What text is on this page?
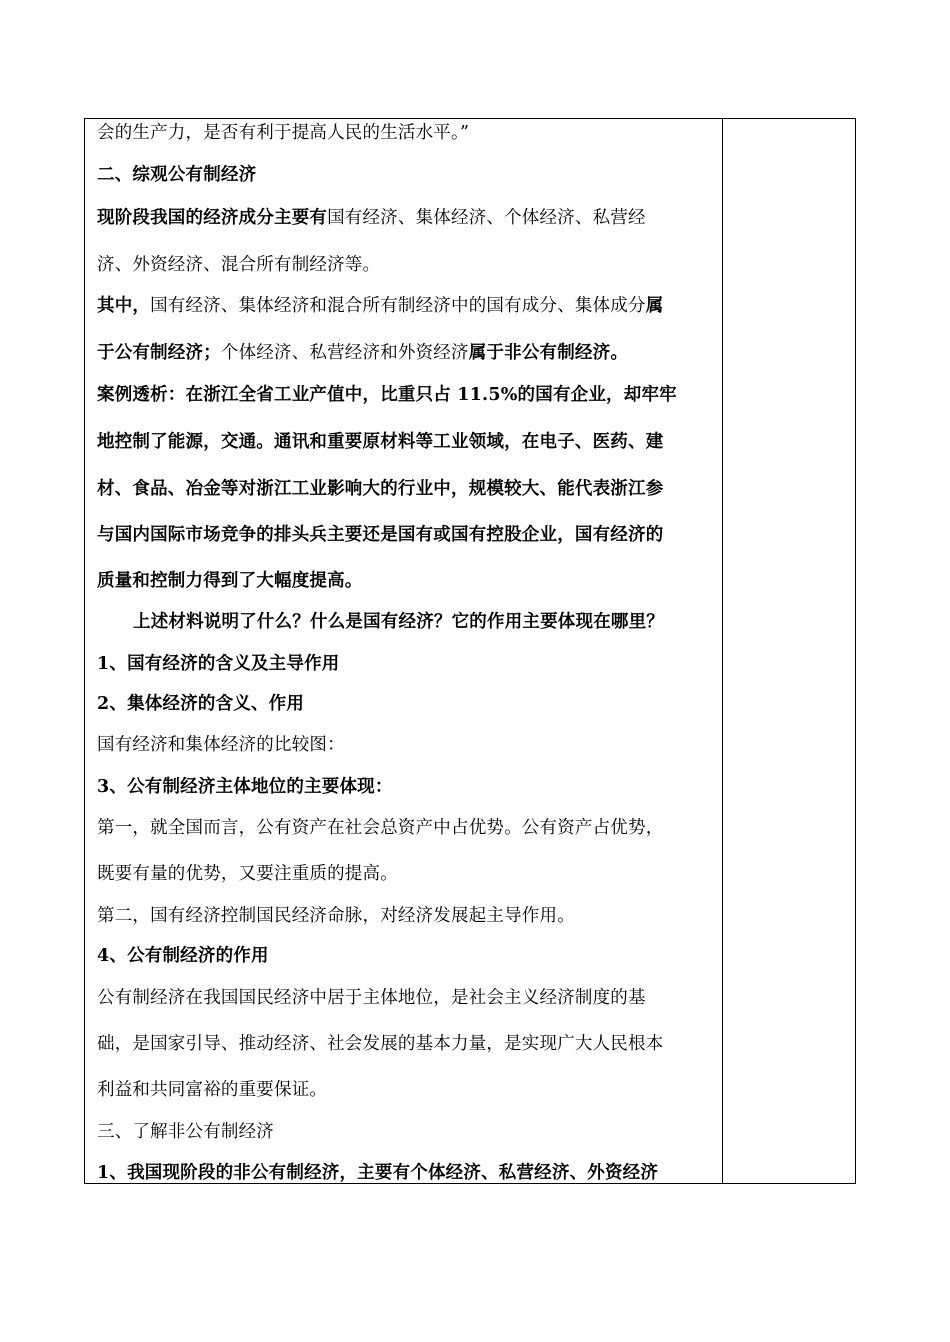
会的生产力，是否有利于提高人民的生活水平。”
二、综观公有制经济
现阶段我国的经济成分主要有国有经济、集体经济、个体经济、私营经
济、外资经济、混合所有制经济等。
其中，国有经济、集体经济和混合所有制经济中的国有成分、集体成分属
于公有制经济；个体经济、私营经济和外资经济属于非公有制经济。
案例透析：在浙江全省工业产值中，比重只占 11.5%的国有企业，却牢牢
地控制了能源，交通。通讯和重要原材料等工业领域，在电子、医药、建
材、食品、冶金等对浙江工业影响大的行业中，规模较大、能代表浙江参
与国内国际市场竞争的排头兵主要还是国有或国有控股企业，国有经济的
质量和控制力得到了大幅度提高。
上述材料说明了什么？什么是国有经济？它的作用主要体现在哪里？
1、国有经济的含义及主导作用
2、集体经济的含义、作用
国有经济和集体经济的比较图：
3、公有制经济主体地位的主要体现：
第一，就全国而言，公有资产在社会总资产中占优势。公有资产占优势，
既要有量的优势，又要注重质的提高。
第二，国有经济控制国民经济命脉，对经济发展起主导作用。
4、公有制经济的作用
公有制经济在我国国民经济中居于主体地位，是社会主义经济制度的基
础，是国家引导、推动经济、社会发展的基本力量，是实现广大人民根本
利益和共同富裕的重要保证。
三、了解非公有制经济
1、我国现阶段的非公有制经济，主要有个体经济、私营经济、外资经济
